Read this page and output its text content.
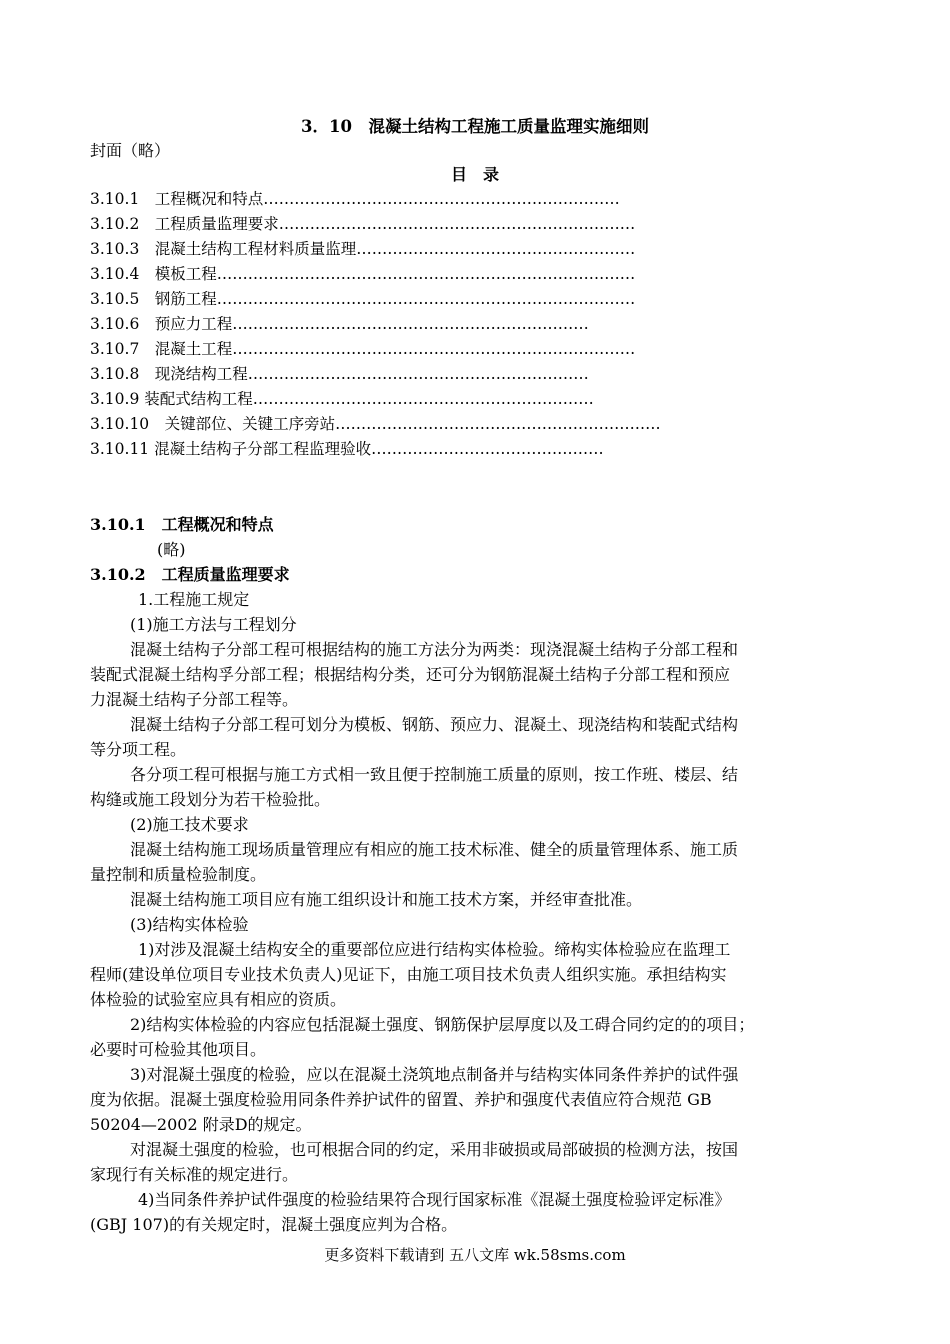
3．10　混凝土结构工程施工质量监理实施细则
封面（略）
目　录
3.10.1　工程概况和特点……………………………………………………………
3.10.2　工程质量监理要求……………………………………………………………
3.10.3　混凝土结构工程材料质量监理………………………………………………
3.10.4　模板工程………………………………………………………………………
3.10.5　钢筋工程………………………………………………………………………
3.10.6　预应力工程……………………………………………………………
3.10.7　混凝土工程……………………………………………………………………
3.10.8　现浇结构工程…………………………………………………………
3.10.9 装配式结构工程…………………………………………………………
3.10.10　关键部位、关键工序旁站………………………………………………………
3.10.11 混凝土结构子分部工程监理验收………………………………………
3.10.1　工程概况和特点
(略)
3.10.2　工程质量监理要求
1.工程施工规定
(1)施工方法与工程划分
混凝土结构子分部工程可根据结构的施工方法分为两类：现浇混凝土结构子分部工程和
装配式混凝土结构孚分部工程；根据结构分类，还可分为钢筋混凝土结构子分部工程和预应
力混凝土结构子分部工程等。
混凝土结构子分部工程可划分为模板、钢筋、预应力、混凝土、现浇结构和装配式结构
等分项工程。
各分项工程可根据与施工方式相一致且便于控制施工质量的原则，按工作班、楼层、结
构缝或施工段划分为若干检验批。
(2)施工技术要求
混凝土结构施工现场质量管理应有相应的施工技术标准、健全的质量管理体系、施工质
量控制和质量检验制度。
混凝土结构施工项目应有施工组织设计和施工技术方案，并经审查批准。
(3)结构实体检验
1)对涉及混凝土结构安全的重要部位应进行结构实体检验。缔构实体检验应在监理工
程师(建设单位项目专业技术负责人)见证下，由施工项目技术负责人组织实施。承担结构实
体检验的试验室应具有相应的资质。
2)结构实体检验的内容应包括混凝土强度、钢筋保护层厚度以及工碍合同约定的的项目；
必要时可检验其他项目。
3)对混凝土强度的检验，应以在混凝土浇筑地点制备并与结构实体同条件养护的试件强
度为依据。混凝土强度检验用同条件养护试件的留置、养护和强度代表值应符合规范 GB
50204—2002 附录D的规定。
对混凝土强度的检验，也可根据合同的约定，采用非破损或局部破损的检测方法，按国
家现行有关标准的规定进行。
4)当同条件养护试件强度的检验结果符合现行国家标准《混凝土强度检验评定标准》
(GBJ 107)的有关规定时，混凝土强度应判为合格。
更多资料下载请到 五八文库 wk.58sms.com
